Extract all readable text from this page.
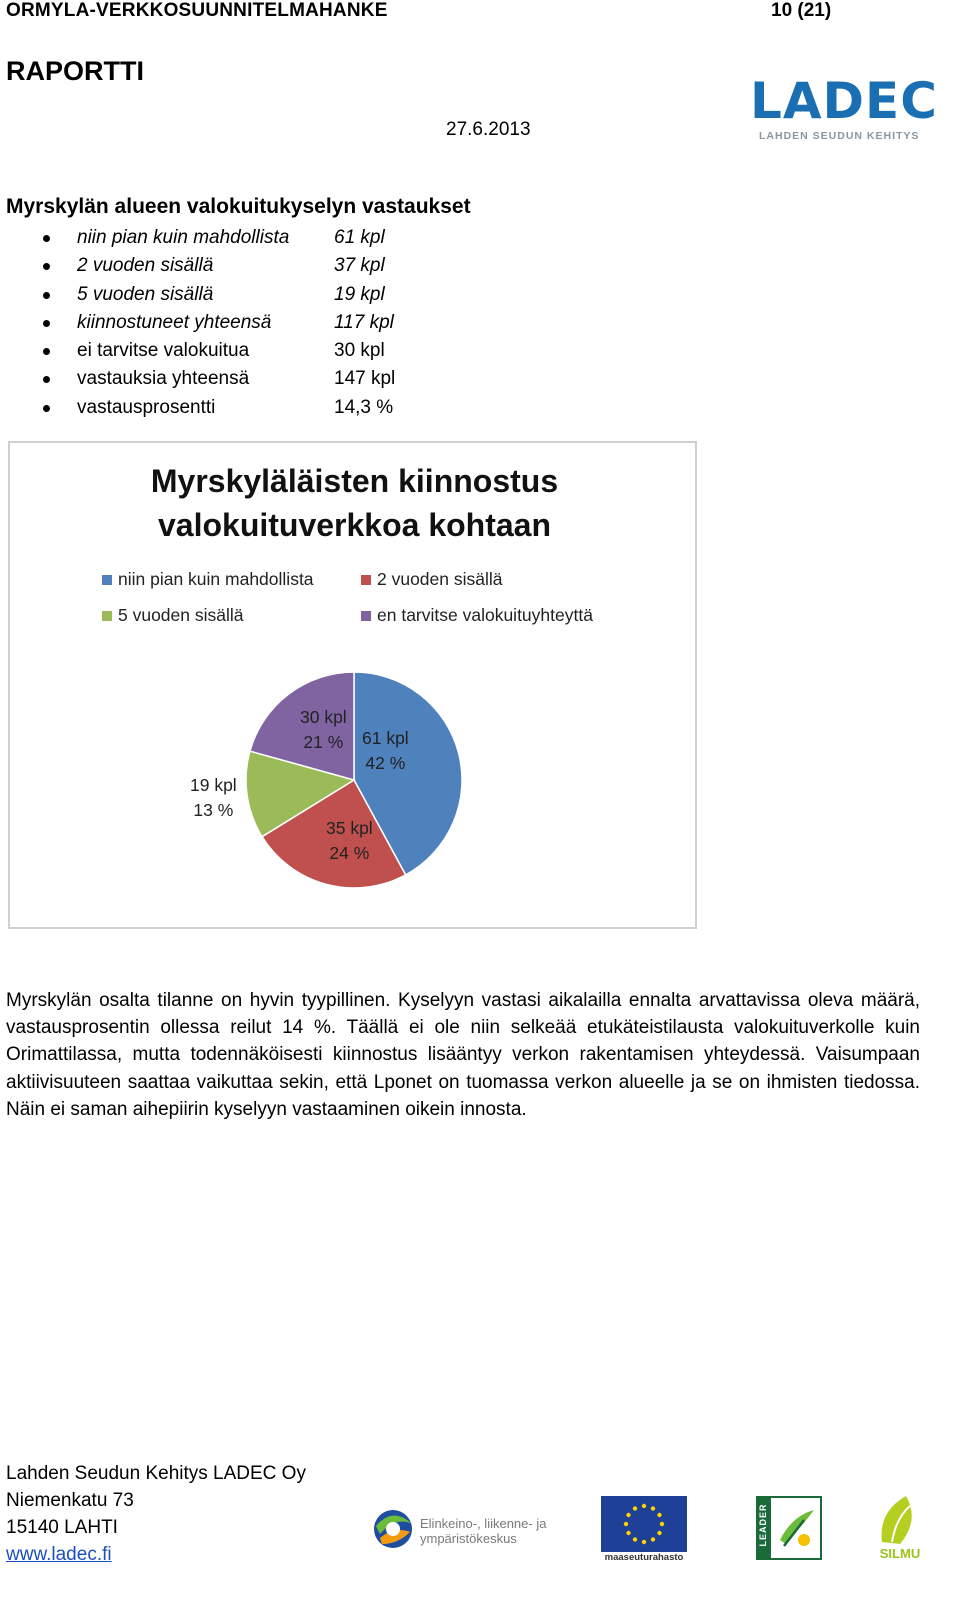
ORMYLA-VERKKOSUUNNITELMAHANKE	10 (21)
RAPORTTI
27.6.2013	LADEC
LAHDEN SEUDUN KEHITYS
Myrskylän alueen valokuitukyselyn vastaukset
niin pian kuin mahdollista 61 kpl
2 vuoden sisällä	37 kpl
5 vuoden sisällä	19 kpl
kiinnostuneet yhteensä	117 kpl
ei tarvitse valokuitua	30 kpl
vastauksia yhteensä	147 kpl
vastausprosentti	14,3 %
Myrskyläläisten kiinnostus
valokuituverkkoa kohtaan
niin pian kuin mahdollista	2 vuoden sisällä
5 vuoden sisällä	en tarvitse valokuituyhteyttä
61 kpl
42 %
35 kpl
24 %
19 kpl
13 %
30 kpl
21 %

Myrskylän osalta tilanne on hyvin tyypillinen. Kyselyyn vastasi aikalailla ennalta arvattavissa oleva määrä, vastausprosentin ollessa reilut 14 %. Täällä ei ole niin selkeää etukäteistilausta valokuituverkolle kuin Orimattilassa, mutta todennäköisesti kiinnostus lisääntyy verkon rakentamisen yhteydessä. Vaisumpaan aktiivisuuteen saattaa vaikuttaa sekin, että Lponet on tuomassa verkon alueelle ja se on ihmisten tiedossa. Näin ei saman aihepiirin kyselyyn vastaaminen oikein innosta.

Lahden Seudun Kehitys LADEC Oy
Niemenkatu 73
15140 LAHTI
www.ladec.fi
Elinkeino-, liikenne- ja
ympäristökeskus
maaseuturahasto
LEADER
SILMU
